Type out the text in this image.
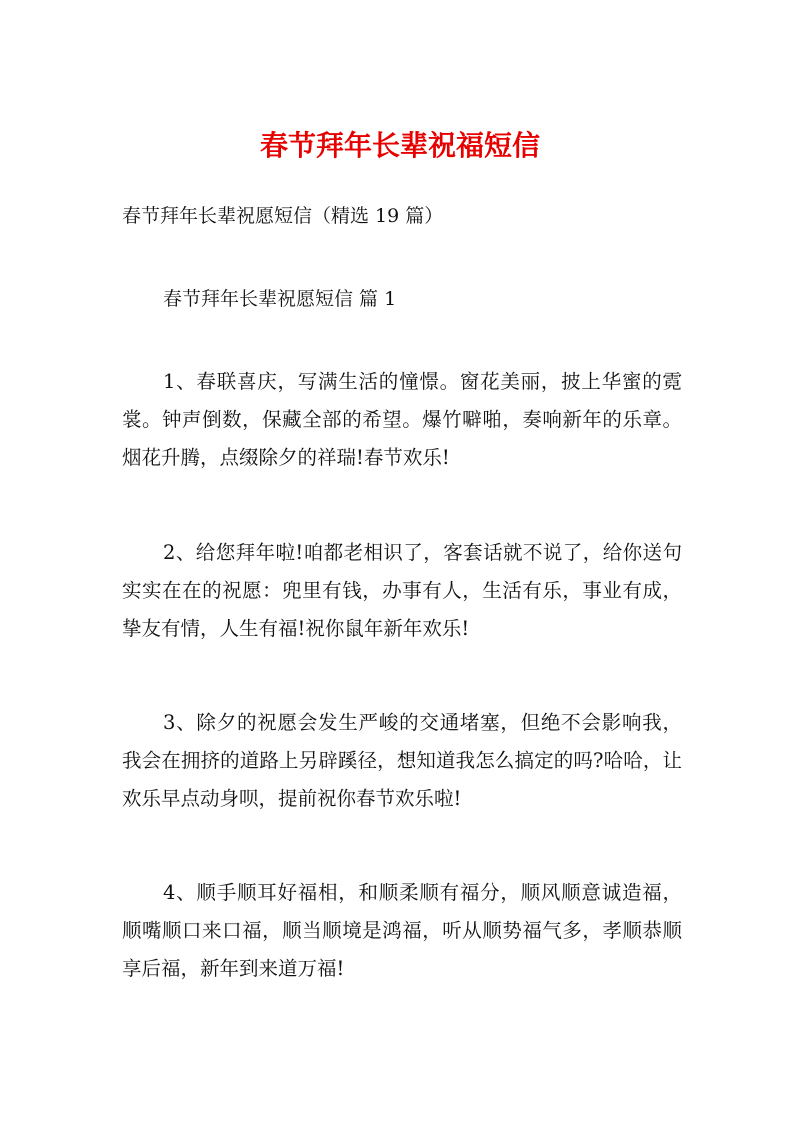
春节拜年长辈祝福短信
春节拜年长辈祝愿短信（精选 19 篇）
春节拜年长辈祝愿短信 篇 1
1、春联喜庆，写满生活的憧憬。窗花美丽，披上华蜜的霓裳。钟声倒数，保藏全部的希望。爆竹噼啪，奏响新年的乐章。烟花升腾，点缀除夕的祥瑞!春节欢乐!
2、给您拜年啦!咱都老相识了，客套话就不说了，给你送句实实在在的祝愿：兜里有钱，办事有人，生活有乐，事业有成，挚友有情，人生有福!祝你鼠年新年欢乐!
3、除夕的祝愿会发生严峻的交通堵塞，但绝不会影响我，我会在拥挤的道路上另辟蹊径，想知道我怎么搞定的吗?哈哈，让欢乐早点动身呗，提前祝你春节欢乐啦!
4、顺手顺耳好福相，和顺柔顺有福分，顺风顺意诚造福，顺嘴顺口来口福，顺当顺境是鸿福，听从顺势福气多，孝顺恭顺享后福，新年到来道万福!
